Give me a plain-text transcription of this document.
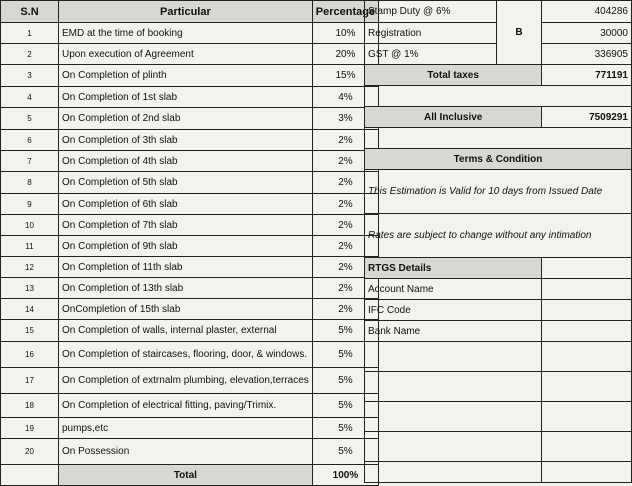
S.N	Particular	Percentage
1	EMD at the time of booking	10%
2	Upon execution of Agreement	20%
3	On Completion of plinth	15%
4	On Completion of 1st slab	4%
5	On Completion of 2nd slab	3%
6	On Completion of 3th slab	2%
7	On Completion of 4th slab	2%
8	On Completion of 5th slab	2%
9	On Completion of 6th slab	2%
10	On Completion of 7th slab	2%
11	On Completion of 9th slab	2%
12	On Completion of 11th slab	2%
13	On Completion of 13th slab	2%
14	OnCompletion of 15th slab	2%
15	On Completion of walls, internal plaster, external	5%
16	On Completion of staircases, flooring, door, & windows.	5%
17	On Completion of extrnalm plumbing, elevation,terraces	5%
18	On Completion of electrical fitting, paving/Trimix.	5%
19	pumps,etc	5%
20	On Possession	5%
	Total	100%
Stamp Duty @ 6%	B	404286
Registration		30000
GST @ 1%		336905
Total taxes		771191

All Inclusive		7509291

Terms & Condition		
This Estimation is Valid for 10 days from Issued Date		
Rates are subject to change without any intimation		
RTGS Details		
Account Name		
IFC Code		
Bank Name		
